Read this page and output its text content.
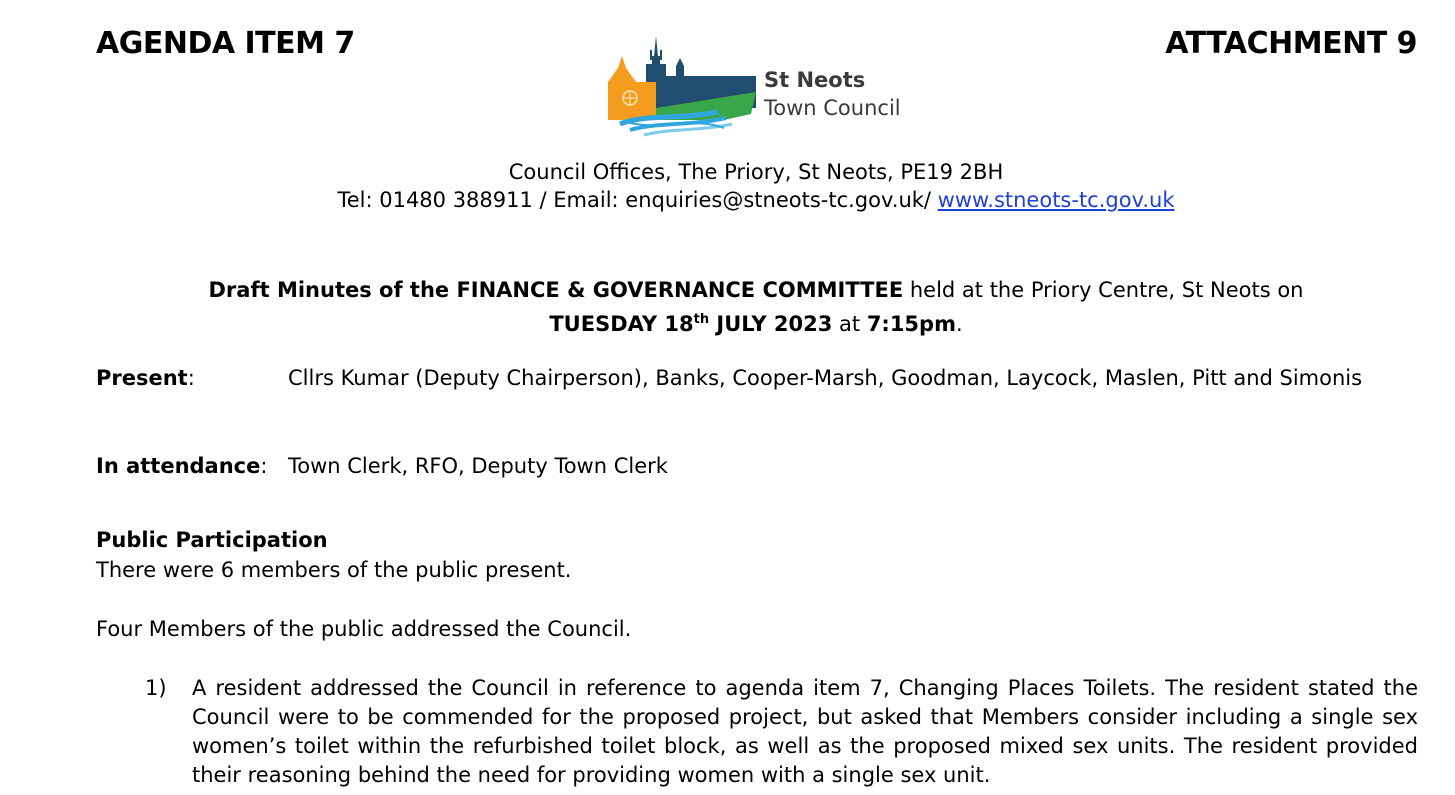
AGENDA ITEM 7	ATTACHMENT 9
St Neots
Town Council
Council Offices, The Priory, St Neots, PE19 2BH
Tel: 01480 388911 / Email: enquiries@stneots-tc.gov.uk/ www.stneots-tc.gov.uk
Draft Minutes of the FINANCE & GOVERNANCE COMMITTEE held at the Priory Centre, St Neots on
TUESDAY 18th JULY 2023 at 7:15pm.
Present:	Cllrs Kumar (Deputy Chairperson), Banks, Cooper-Marsh, Goodman, Laycock, Maslen, Pitt and Simonis
In attendance: Town Clerk, RFO, Deputy Town Clerk
Public Participation
There were 6 members of the public present.
Four Members of the public addressed the Council.
1) A resident addressed the Council in reference to agenda item 7, Changing Places Toilets. The resident stated the Council were to be commended for the proposed project, but asked that Members consider including a single sex women’s toilet within the refurbished toilet block, as well as the proposed mixed sex units. The resident provided their reasoning behind the need for providing women with a single sex unit.
